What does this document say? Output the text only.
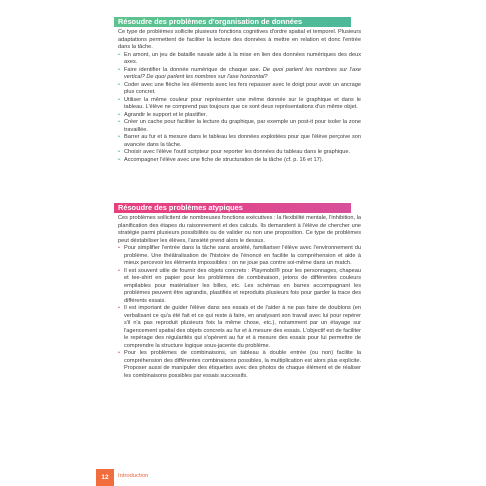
Résoudre des problèmes d'organisation de données

Ce type de problèmes sollicite plusieurs fonctions cognitives d'ordre spatial et temporel. Plusieurs adaptations permettent de faciliter la lecture des données à mettre en relation et donc l'entrée dans la tâche.

• En amont, un jeu de bataille navale aide à la mise en lien des données numériques des deux axes.
• Faire identifier la donnée numérique de chaque axe. De quoi parlent les nombres sur l'axe vertical? De quoi parlent les nombres sur l'axe horizontal?
• Coder avec une flèche les éléments avec les fers repasser avec le doigt pour avoir un ancrage plus concret.
• Utiliser la même couleur pour représenter une même donnée sur le graphique et dans le tableau. L'élève ne comprend pas toujours que ce sont deux représentations d'un même objet.
• Agrandir le support et le plastifier.
• Créer un cache pour faciliter la lecture du graphique, par exemple un post-it pour isoler la zone travaillée.
• Barrer au fur et à mesure dans le tableau les données exploitées pour que l'élève perçoive son avancée dans la tâche.
• Choisir avec l'élève l'outil scripteur pour reporter les données du tableau dans le graphique.
• Accompagner l'élève avec une fiche de structuration de la tâche (cf. p. 16 et 17).
Résoudre des problèmes atypiques

Ces problèmes sollicitent de nombreuses fonctions exécutives : la flexibilité mentale, l'inhibition, la planification des étapes du raisonnement et des calculs. Ils demandent à l'élève de chercher une stratégie parmi plusieurs possibilités ou de valider ou non une proposition. Ce type de problèmes peut déstabiliser les élèves, l'anxiété prend alors le dessus.

• Pour simplifier l'entrée dans la tâche sans anxiété, familiariser l'élève avec l'environnement du problème. Une théâtralisation de l'histoire de l'énoncé en facilite la compréhension et aide à mieux percevoir les éléments impossibles : on ne joue pas contre soi-même dans un match.
• Il est souvent utile de fournir des objets concrets : Playmobil® pour les personnages, chapeau et tee-shirt en papier pour les problèmes de combinaison, jetons de différentes couleurs empilables pour matérialiser les billes, etc. Les schémas en barres accompagnant les problèmes peuvent être agrandis, plastifiés et reproduits plusieurs fois pour garder la trace des différents essais.
• Il est important de guider l'élève dans ses essais et de l'aider à ne pas faire de doublons (en verbalisant ce qu'a été fait et ce qui reste à faire, en analysant son travail avec lui pour repérer s'il n'a pas reproduit plusieurs fois la même chose, etc.), notamment par un étayage sur l'agencement spatial des objets concrets au fur et à mesure des essais. L'objectif est de faciliter le repérage des régularités qui s'opèrent au fur et à mesure des essais pour lui permettre de comprendre la structure logique sous-jacente du problème.
• Pour les problèmes de combinaisons, un tableau à double entrée (ou non) facilite la compréhension des différentes combinaisons possibles, la multiplication est alors plus explicite. Proposer aussi de manipuler des étiquettes avec des photos de chaque élément et de réaliser les combinaisons possibles par essais successifs.
12	Introduction
